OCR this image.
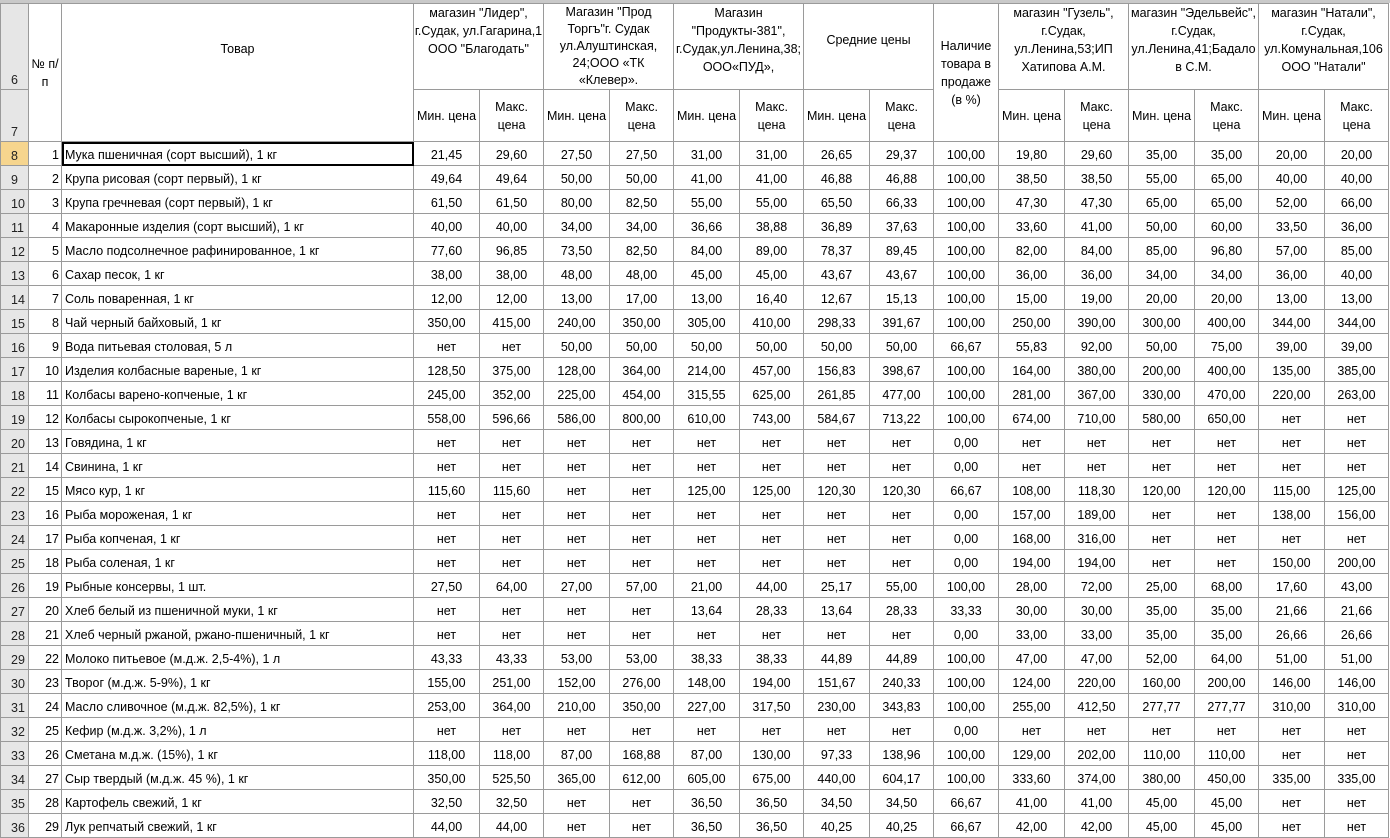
6	№ п/п	Товар	магазин "Лидер", г.Судак, ул.Гагарина,1 ООО "Благодать"		Магазин "Прод Торгъ"г. Судак ул.Алуштинская, 24;ООО «ТК «Клевер».		Магазин "Продукты-381", г.Судак,ул.Ленина,38; ООО«ПУД»,		Средние цены		Наличие товара в продаже (в %)	магазин "Гузель", г.Судак, ул.Ленина,53;ИП Хатипова А.М.		магазин "Эдельвейс", г.Судак, ул.Ленина,41;Бадало в С.М.		магазин "Натали", г.Судак, ул.Комунальная,106 ООО "Натали"	
7			Мин. цена	Макс. цена	Мин. цена	Макс. цена	Мин. цена	Макс. цена	Мин. цена	Макс. цена		Мин. цена	Макс. цена	Мин. цена	Макс. цена	Мин. цена	Макс. цена
8	1	Мука пшеничная (сорт высший), 1 кг	21,45	29,60	27,50	27,50	31,00	31,00	26,65	29,37	100,00	19,80	29,60	35,00	35,00	20,00	20,00
9	2	Крупа рисовая (сорт первый), 1 кг	49,64	49,64	50,00	50,00	41,00	41,00	46,88	46,88	100,00	38,50	38,50	55,00	65,00	40,00	40,00
10	3	Крупа гречневая (сорт первый), 1 кг	61,50	61,50	80,00	82,50	55,00	55,00	65,50	66,33	100,00	47,30	47,30	65,00	65,00	52,00	66,00
11	4	Макаронные изделия (сорт высший), 1 кг	40,00	40,00	34,00	34,00	36,66	38,88	36,89	37,63	100,00	33,60	41,00	50,00	60,00	33,50	36,00
12	5	Масло подсолнечное рафинированное, 1 кг	77,60	96,85	73,50	82,50	84,00	89,00	78,37	89,45	100,00	82,00	84,00	85,00	96,80	57,00	85,00
13	6	Сахар песок, 1 кг	38,00	38,00	48,00	48,00	45,00	45,00	43,67	43,67	100,00	36,00	36,00	34,00	34,00	36,00	40,00
14	7	Соль поваренная, 1 кг	12,00	12,00	13,00	17,00	13,00	16,40	12,67	15,13	100,00	15,00	19,00	20,00	20,00	13,00	13,00
15	8	Чай черный байховый, 1 кг	350,00	415,00	240,00	350,00	305,00	410,00	298,33	391,67	100,00	250,00	390,00	300,00	400,00	344,00	344,00
16	9	Вода питьевая столовая, 5 л	нет	нет	50,00	50,00	50,00	50,00	50,00	50,00	66,67	55,83	92,00	50,00	75,00	39,00	39,00
17	10	Изделия колбасные вареные, 1 кг	128,50	375,00	128,00	364,00	214,00	457,00	156,83	398,67	100,00	164,00	380,00	200,00	400,00	135,00	385,00
18	11	Колбасы варено-копченые, 1 кг	245,00	352,00	225,00	454,00	315,55	625,00	261,85	477,00	100,00	281,00	367,00	330,00	470,00	220,00	263,00
19	12	Колбасы сырокопченые, 1 кг	558,00	596,66	586,00	800,00	610,00	743,00	584,67	713,22	100,00	674,00	710,00	580,00	650,00	нет	нет
20	13	Говядина, 1 кг	нет	нет	нет	нет	нет	нет	нет	нет	0,00	нет	нет	нет	нет	нет	нет
21	14	Свинина, 1 кг	нет	нет	нет	нет	нет	нет	нет	нет	0,00	нет	нет	нет	нет	нет	нет
22	15	Мясо кур, 1 кг	115,60	115,60	нет	нет	125,00	125,00	120,30	120,30	66,67	108,00	118,30	120,00	120,00	115,00	125,00
23	16	Рыба мороженая, 1 кг	нет	нет	нет	нет	нет	нет	нет	нет	0,00	157,00	189,00	нет	нет	138,00	156,00
24	17	Рыба копченая, 1 кг	нет	нет	нет	нет	нет	нет	нет	нет	0,00	168,00	316,00	нет	нет	нет	нет
25	18	Рыба соленая, 1 кг	нет	нет	нет	нет	нет	нет	нет	нет	0,00	194,00	194,00	нет	нет	150,00	200,00
26	19	Рыбные консервы, 1 шт.	27,50	64,00	27,00	57,00	21,00	44,00	25,17	55,00	100,00	28,00	72,00	25,00	68,00	17,60	43,00
27	20	Хлеб белый из пшеничной муки, 1 кг	нет	нет	нет	нет	13,64	28,33	13,64	28,33	33,33	30,00	30,00	35,00	35,00	21,66	21,66
28	21	Хлеб черный ржаной, ржано-пшеничный, 1 кг	нет	нет	нет	нет	нет	нет	нет	нет	0,00	33,00	33,00	35,00	35,00	26,66	26,66
29	22	Молоко питьевое (м.д.ж. 2,5-4%), 1 л	43,33	43,33	53,00	53,00	38,33	38,33	44,89	44,89	100,00	47,00	47,00	52,00	64,00	51,00	51,00
30	23	Творог (м.д.ж. 5-9%), 1 кг	155,00	251,00	152,00	276,00	148,00	194,00	151,67	240,33	100,00	124,00	220,00	160,00	200,00	146,00	146,00
31	24	Масло сливочное (м.д.ж. 82,5%), 1 кг	253,00	364,00	210,00	350,00	227,00	317,50	230,00	343,83	100,00	255,00	412,50	277,77	277,77	310,00	310,00
32	25	Кефир (м.д.ж. 3,2%), 1 л	нет	нет	нет	нет	нет	нет	нет	нет	0,00	нет	нет	нет	нет	нет	нет
33	26	Сметана м.д.ж. (15%), 1 кг	118,00	118,00	87,00	168,88	87,00	130,00	97,33	138,96	100,00	129,00	202,00	110,00	110,00	нет	нет
34	27	Сыр твердый (м.д.ж. 45 %), 1 кг	350,00	525,50	365,00	612,00	605,00	675,00	440,00	604,17	100,00	333,60	374,00	380,00	450,00	335,00	335,00
35	28	Картофель свежий, 1 кг	32,50	32,50	нет	нет	36,50	36,50	34,50	34,50	66,67	41,00	41,00	45,00	45,00	нет	нет
36	29	Лук репчатый свежий, 1 кг	44,00	44,00	нет	нет	36,50	36,50	40,25	40,25	66,67	42,00	42,00	45,00	45,00	нет	нет
